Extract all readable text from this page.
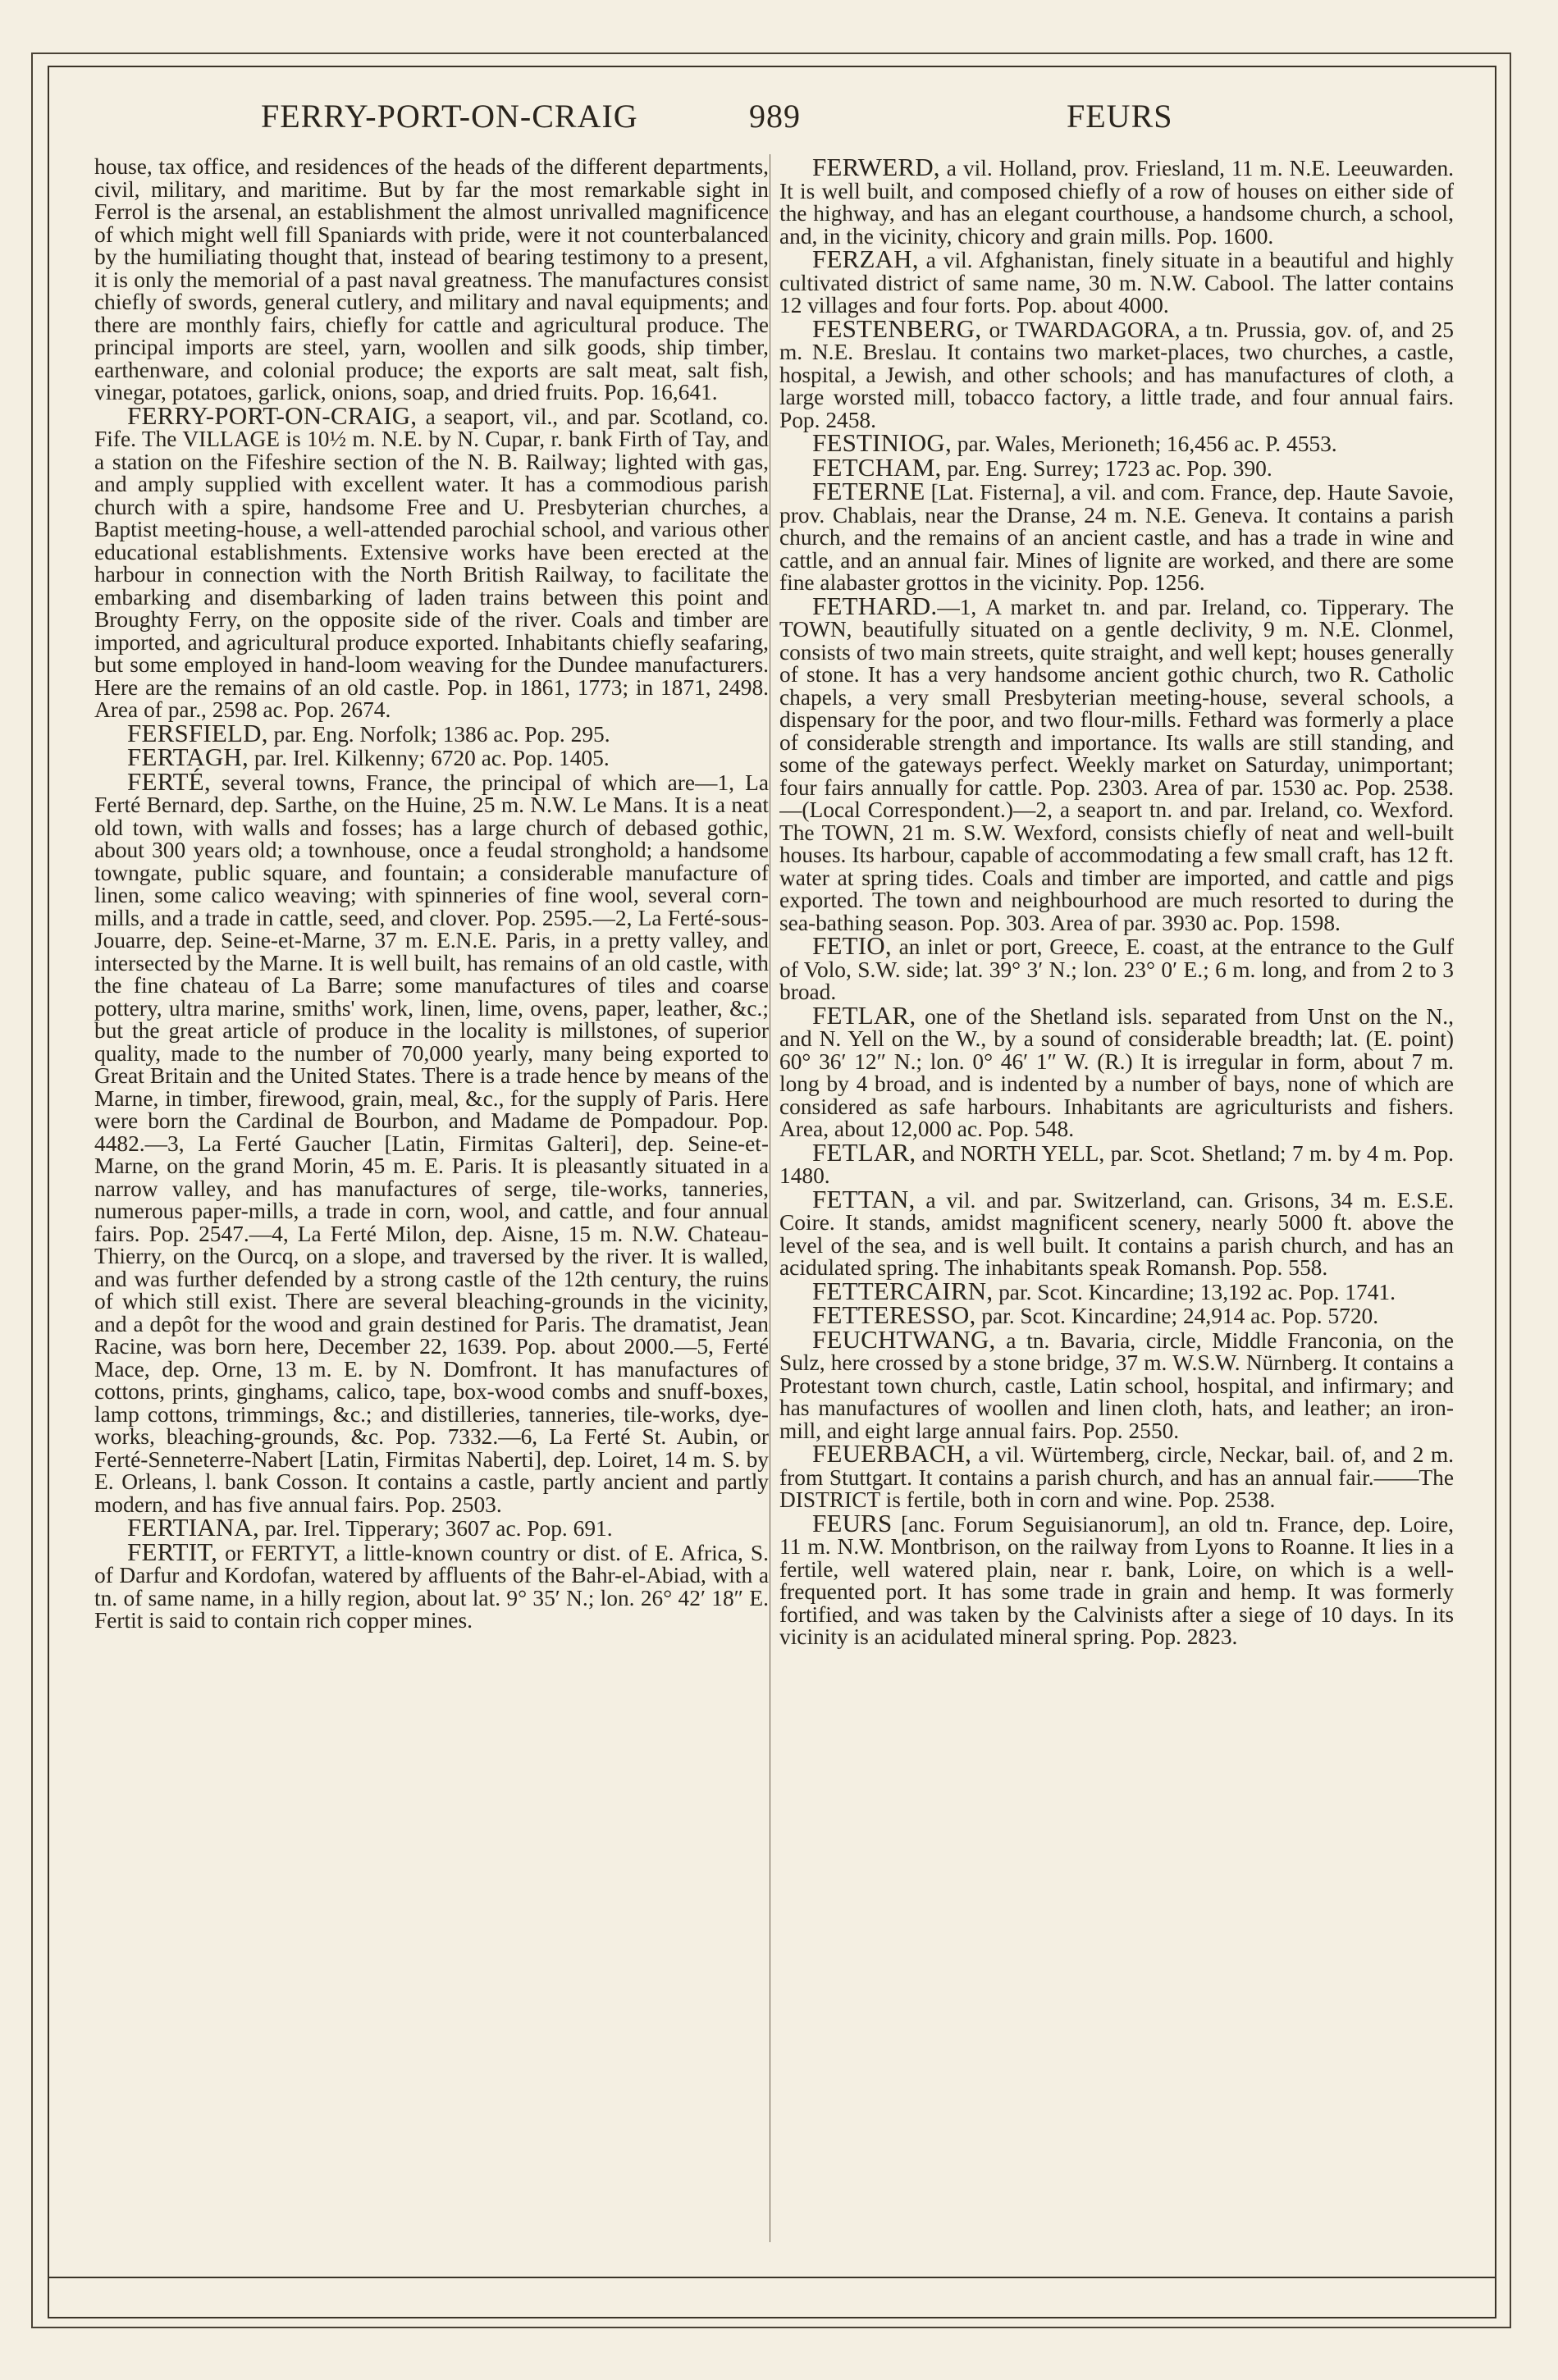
FERRY-PORT-ON-CRAIG	989	FEURS

house, tax office, and residences of the heads of the different departments, civil, military, and maritime. But by far the most remarkable sight in Ferrol is the arsenal, an establishment the almost unrivalled magnificence of which might well fill Spaniards with pride, were it not counterbalanced by the humiliating thought that, instead of bearing testimony to a present, it is only the memorial of a past naval greatness. The manufactures consist chiefly of swords, general cutlery, and military and naval equipments; and there are monthly fairs, chiefly for cattle and agricultural produce. The principal imports are steel, yarn, woollen and silk goods, ship timber, earthenware, and colonial produce; the exports are salt meat, salt fish, vinegar, potatoes, garlick, onions, soap, and dried fruits. Pop. 16,641.

FERRY-PORT-ON-CRAIG, a seaport, vil., and par. Scotland, co. Fife. The VILLAGE is 10½ m. N.E. by N. Cupar, r. bank Firth of Tay, and a station on the Fifeshire section of the N. B. Railway; lighted with gas, and amply supplied with excellent water. It has a commodious parish church with a spire, handsome Free and U. Presbyterian churches, a Baptist meeting-house, a well-attended parochial school, and various other educational establishments. Extensive works have been erected at the harbour in connection with the North British Railway, to facilitate the embarking and disembarking of laden trains between this point and Broughty Ferry, on the opposite side of the river. Coals and timber are imported, and agricultural produce exported. Inhabitants chiefly seafaring, but some employed in hand-loom weaving for the Dundee manufacturers. Here are the remains of an old castle. Pop. in 1861, 1773; in 1871, 2498. Area of par., 2598 ac. Pop. 2674.

FERSFIELD, par. Eng. Norfolk; 1386 ac. Pop. 295.

FERTAGH, par. Irel. Kilkenny; 6720 ac. Pop. 1405.

FERTÉ, several towns, France, the principal of which are—1, La Ferté Bernard, dep. Sarthe, on the Huine, 25 m. N.W. Le Mans. It is a neat old town, with walls and fosses; has a large church of debased gothic, about 300 years old; a townhouse, once a feudal stronghold; a handsome towngate, public square, and fountain; a considerable manufacture of linen, some calico weaving; with spinneries of fine wool, several corn-mills, and a trade in cattle, seed, and clover. Pop. 2595.—2, La Ferté-sous-Jouarre, dep. Seine-et-Marne, 37 m. E.N.E. Paris, in a pretty valley, and intersected by the Marne. It is well built, has remains of an old castle, with the fine chateau of La Barre; some manufactures of tiles and coarse pottery, ultra marine, smiths' work, linen, lime, ovens, paper, leather, &c.; but the great article of produce in the locality is millstones, of superior quality, made to the number of 70,000 yearly, many being exported to Great Britain and the United States. There is a trade hence by means of the Marne, in timber, firewood, grain, meal, &c., for the supply of Paris. Here were born the Cardinal de Bourbon, and Madame de Pompadour. Pop. 4482.—3, La Ferté Gaucher [Latin, Firmitas Galteri], dep. Seine-et-Marne, on the grand Morin, 45 m. E. Paris. It is pleasantly situated in a narrow valley, and has manufactures of serge, tile-works, tanneries, numerous paper-mills, a trade in corn, wool, and cattle, and four annual fairs. Pop. 2547.—4, La Ferté Milon, dep. Aisne, 15 m. N.W. Chateau-Thierry, on the Ourcq, on a slope, and traversed by the river. It is walled, and was further defended by a strong castle of the 12th century, the ruins of which still exist. There are several bleaching-grounds in the vicinity, and a depôt for the wood and grain destined for Paris. The dramatist, Jean Racine, was born here, December 22, 1639. Pop. about 2000.—5, Ferté Mace, dep. Orne, 13 m. E. by N. Domfront. It has manufactures of cottons, prints, ginghams, calico, tape, box-wood combs and snuff-boxes, lamp cottons, trimmings, &c.; and distilleries, tanneries, tile-works, dye-works, bleaching-grounds, &c. Pop. 7332.—6, La Ferté St. Aubin, or Ferté-Senneterre-Nabert [Latin, Firmitas Naberti], dep. Loiret, 14 m. S. by E. Orleans, l. bank Cosson. It contains a castle, partly ancient and partly modern, and has five annual fairs. Pop. 2503.

FERTIANA, par. Irel. Tipperary; 3607 ac. Pop. 691.

FERTIT, or FERTYT, a little-known country or dist. of E. Africa, S. of Darfur and Kordofan, watered by affluents of the Bahr-el-Abiad, with a tn. of same name, in a hilly region, about lat. 9° 35′ N.; lon. 26° 42′ 18″ E. Fertit is said to contain rich copper mines.

FERWERD, a vil. Holland, prov. Friesland, 11 m. N.E. Leeuwarden. It is well built, and composed chiefly of a row of houses on either side of the highway, and has an elegant courthouse, a handsome church, a school, and, in the vicinity, chicory and grain mills. Pop. 1600.

FERZAH, a vil. Afghanistan, finely situate in a beautiful and highly cultivated district of same name, 30 m. N.W. Cabool. The latter contains 12 villages and four forts. Pop. about 4000.

FESTENBERG, or TWARDAGORA, a tn. Prussia, gov. of, and 25 m. N.E. Breslau. It contains two market-places, two churches, a castle, hospital, a Jewish, and other schools; and has manufactures of cloth, a large worsted mill, tobacco factory, a little trade, and four annual fairs. Pop. 2458.

FESTINIOG, par. Wales, Merioneth; 16,456 ac. P. 4553.

FETCHAM, par. Eng. Surrey; 1723 ac. Pop. 390.

FETERNE [Lat. Fisterna], a vil. and com. France, dep. Haute Savoie, prov. Chablais, near the Dranse, 24 m. N.E. Geneva. It contains a parish church, and the remains of an ancient castle, and has a trade in wine and cattle, and an annual fair. Mines of lignite are worked, and there are some fine alabaster grottos in the vicinity. Pop. 1256.

FETHARD.—1, A market tn. and par. Ireland, co. Tipperary. The TOWN, beautifully situated on a gentle declivity, 9 m. N.E. Clonmel, consists of two main streets, quite straight, and well kept; houses generally of stone. It has a very handsome ancient gothic church, two R. Catholic chapels, a very small Presbyterian meeting-house, several schools, a dispensary for the poor, and two flour-mills. Fethard was formerly a place of considerable strength and importance. Its walls are still standing, and some of the gateways perfect. Weekly market on Saturday, unimportant; four fairs annually for cattle. Pop. 2303. Area of par. 1530 ac. Pop. 2538.—(Local Correspondent.)—2, a seaport tn. and par. Ireland, co. Wexford. The TOWN, 21 m. S.W. Wexford, consists chiefly of neat and well-built houses. Its harbour, capable of accommodating a few small craft, has 12 ft. water at spring tides. Coals and timber are imported, and cattle and pigs exported. The town and neighbourhood are much resorted to during the sea-bathing season. Pop. 303. Area of par. 3930 ac. Pop. 1598.

FETIO, an inlet or port, Greece, E. coast, at the entrance to the Gulf of Volo, S.W. side; lat. 39° 3′ N.; lon. 23° 0′ E.; 6 m. long, and from 2 to 3 broad.

FETLAR, one of the Shetland isls. separated from Unst on the N., and N. Yell on the W., by a sound of considerable breadth; lat. (E. point) 60° 36′ 12″ N.; lon. 0° 46′ 1″ W. (R.) It is irregular in form, about 7 m. long by 4 broad, and is indented by a number of bays, none of which are considered as safe harbours. Inhabitants are agriculturists and fishers. Area, about 12,000 ac. Pop. 548.

FETLAR, and NORTH YELL, par. Scot. Shetland; 7 m. by 4 m. Pop. 1480.

FETTAN, a vil. and par. Switzerland, can. Grisons, 34 m. E.S.E. Coire. It stands, amidst magnificent scenery, nearly 5000 ft. above the level of the sea, and is well built. It contains a parish church, and has an acidulated spring. The inhabitants speak Romansh. Pop. 558.

FETTERCAIRN, par. Scot. Kincardine; 13,192 ac. Pop. 1741.

FETTERESSO, par. Scot. Kincardine; 24,914 ac. Pop. 5720.

FEUCHTWANG, a tn. Bavaria, circle, Middle Franconia, on the Sulz, here crossed by a stone bridge, 37 m. W.S.W. Nürnberg. It contains a Protestant town church, castle, Latin school, hospital, and infirmary; and has manufactures of woollen and linen cloth, hats, and leather; an iron-mill, and eight large annual fairs. Pop. 2550.

FEUERBACH, a vil. Würtemberg, circle, Neckar, bail. of, and 2 m. from Stuttgart. It contains a parish church, and has an annual fair.——The DISTRICT is fertile, both in corn and wine. Pop. 2538.

FEURS [anc. Forum Seguisianorum], an old tn. France, dep. Loire, 11 m. N.W. Montbrison, on the railway from Lyons to Roanne. It lies in a fertile, well watered plain, near r. bank, Loire, on which is a well-frequented port. It has some trade in grain and hemp. It was formerly fortified, and was taken by the Calvinists after a siege of 10 days. In its vicinity is an acidulated mineral spring. Pop. 2823.
